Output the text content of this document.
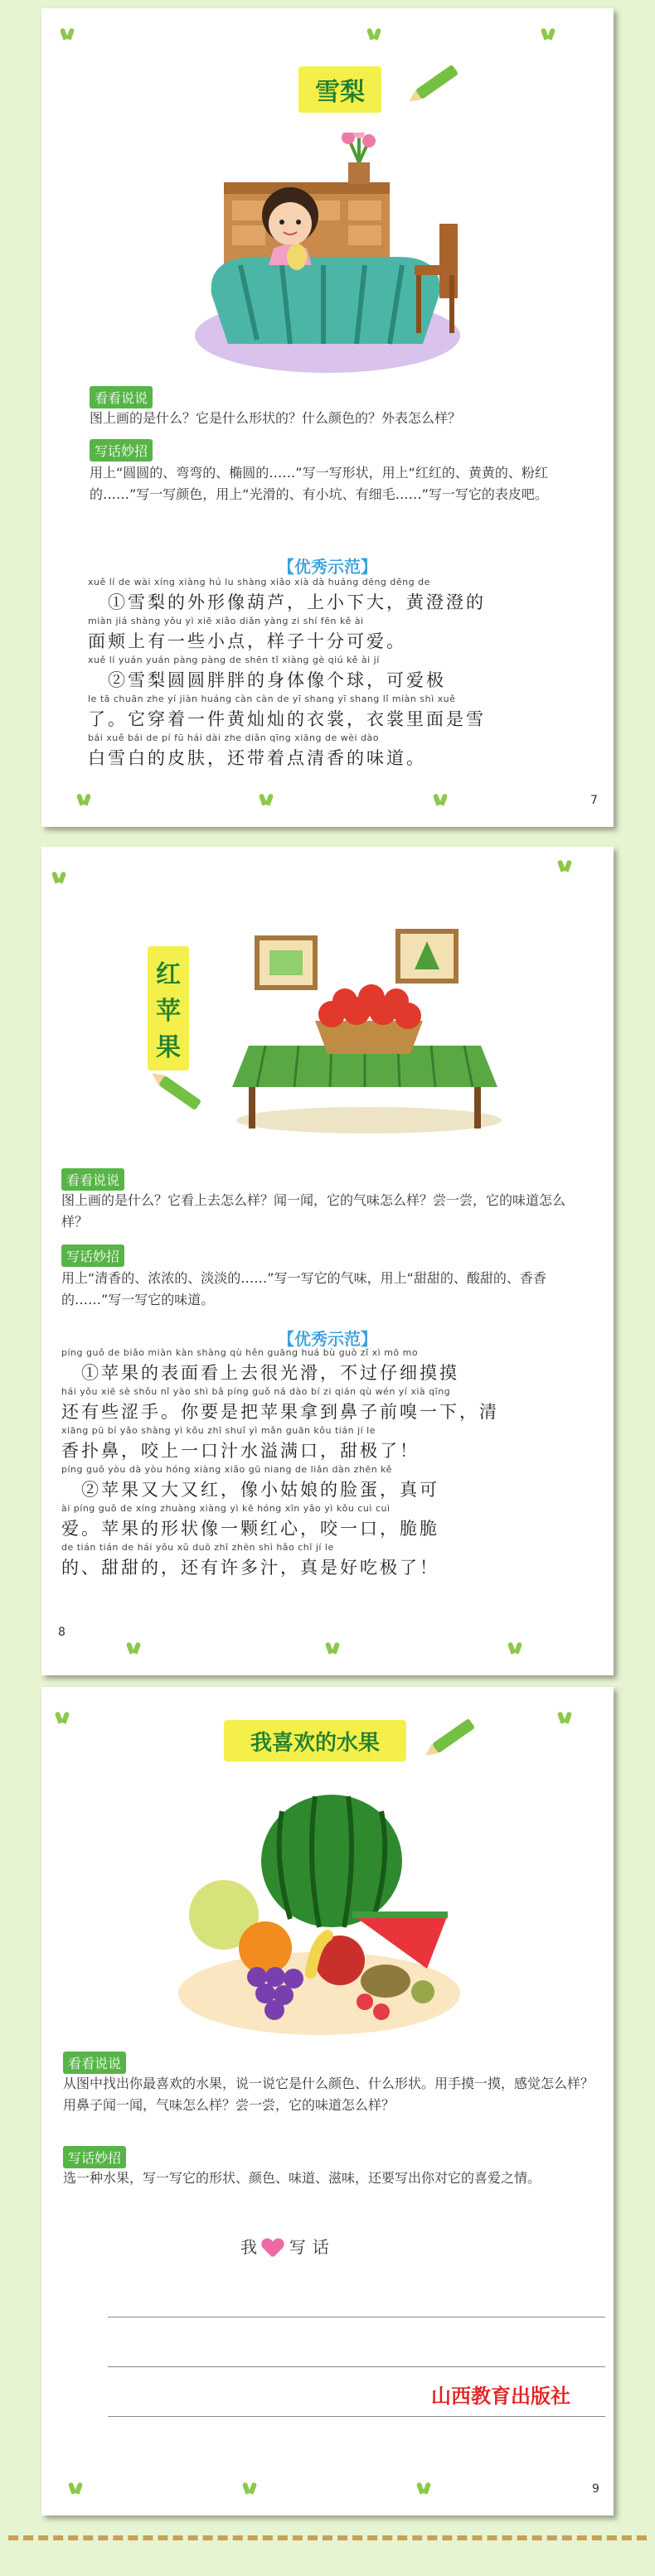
雪梨
看看说说
图上画的是什么？它是什么形状的？什么颜色的？外表怎么样？
写话妙招
用上“圆圆的、弯弯的、椭圆的……”写一写形状，用上“红红的、黄黄的、粉红的……”写一写颜色，用上“光滑的、有小坑、有细毛……”写一写它的表皮吧。
【优秀示范】
xuě lí de wài xíng xiàng hú lu shàng xiǎo xià dà huáng dēng dēng de
　①雪梨的外形像葫芦，上小下大，黄澄澄的
miàn jiá shàng yǒu yì xiē xiǎo diǎn yàng zi shí fēn kě ài
面颊上有一些小点，样子十分可爱。
xuě lí yuán yuán pàng pàng de shēn tǐ xiàng gè qiú kě ài jí
　②雪梨圆圆胖胖的身体像个球，可爱极
le tā chuān zhe yí jiàn huáng càn càn de yī shang yī shang lǐ miàn shì xuě
了。它穿着一件黄灿灿的衣裳，衣裳里面是雪
bái xuě bái de pí fū hái dài zhe diǎn qīng xiāng de wèi dào
白雪白的皮肤，还带着点清香的味道。
7
红
苹
果
看看说说
图上画的是什么？它看上去怎么样？闻一闻，它的气味怎么样？尝一尝，它的味道怎么样？
写话妙招
用上“清香的、浓浓的、淡淡的……”写一写它的气味，用上“甜甜的、酸甜的、香香的……”写一写它的味道。
【优秀示范】
píng guǒ de biǎo miàn kàn shàng qù hěn guāng huá bù guò zǐ xì mō mo
　①苹果的表面看上去很光滑，不过仔细摸摸
hái yǒu xiē sè shǒu nǐ yào shì bǎ píng guǒ ná dào bí zi qián qù wén yí xià qīng
还有些涩手。你要是把苹果拿到鼻子前嗅一下，清
xiāng pū bí yǎo shàng yì kǒu zhī shuǐ yì mǎn guān kǒu tián jí le
香扑鼻，咬上一口汁水溢满口，甜极了！
píng guǒ yòu dà yòu hóng xiàng xiǎo gū niang de liǎn dàn zhēn kě
　②苹果又大又红，像小姑娘的脸蛋，真可
ài píng guǒ de xíng zhuàng xiàng yì kē hóng xīn yǎo yì kǒu cuì cuì
爱。苹果的形状像一颗红心，咬一口，脆脆
de tián tián de hái yǒu xǔ duō zhī zhēn shì hǎo chī jí le
的、甜甜的，还有许多汁，真是好吃极了！
8
我喜欢的水果
看看说说
从图中找出你最喜欢的水果，说一说它是什么颜色、什么形状。用手摸一摸，感觉怎么样？用鼻子闻一闻，气味怎么样？尝一尝，它的味道怎么样？
写话妙招
选一种水果，写一写它的形状、颜色、味道、滋味，还要写出你对它的喜爱之情。
我 写话
山西教育出版社
9
